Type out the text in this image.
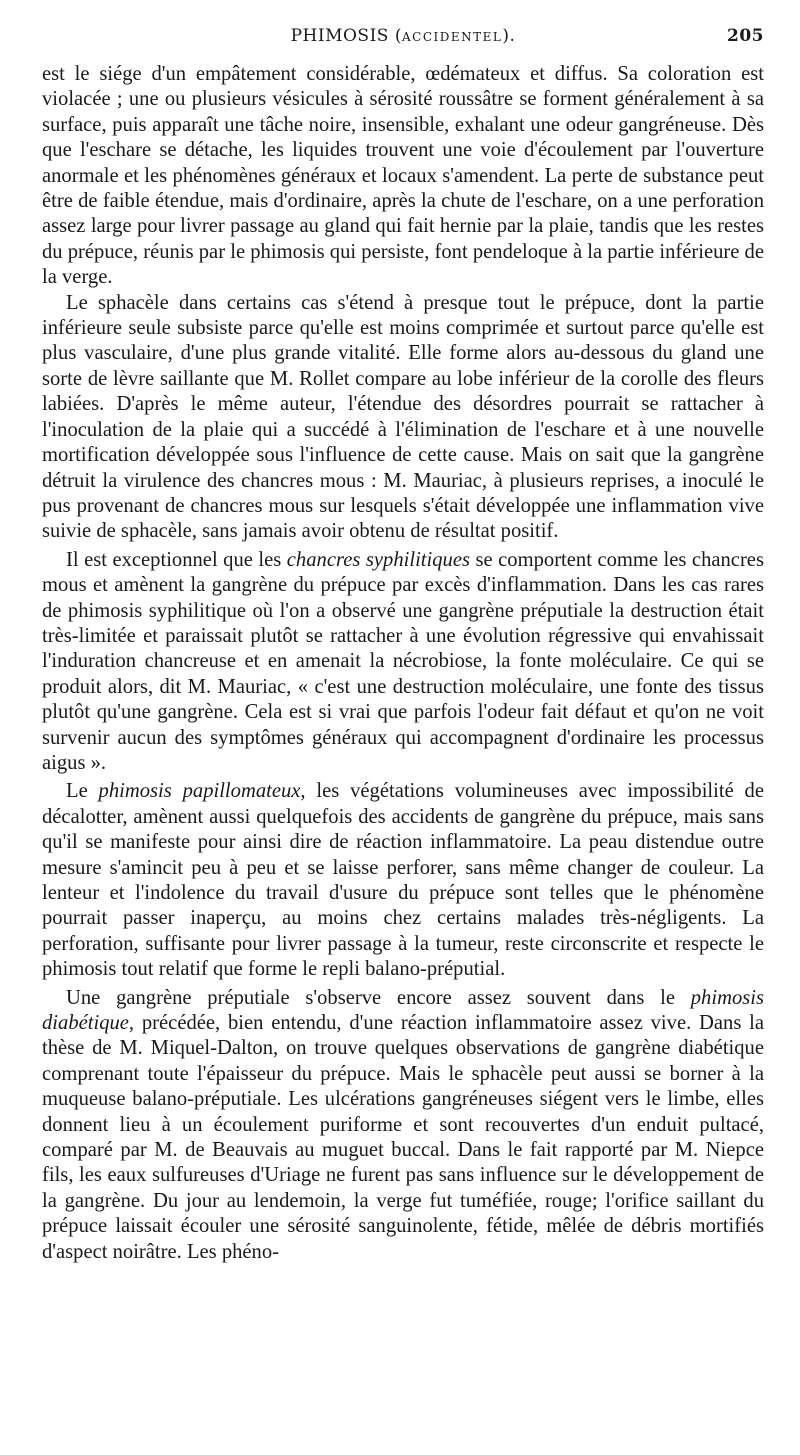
PHIMOSIS (ACCIDENTEL).	205

est le siége d'un empâtement considérable, œdémateux et diffus. Sa coloration est violacée ; une ou plusieurs vésicules à sérosité roussâtre se forment généralement à sa surface, puis apparaît une tâche noire, insensible, exhalant une odeur gangréneuse. Dès que l'eschare se détache, les liquides trouvent une voie d'écoulement par l'ouverture anormale et les phénomènes généraux et locaux s'amendent. La perte de substance peut être de faible étendue, mais d'ordinaire, après la chute de l'eschare, on a une perforation assez large pour livrer passage au gland qui fait hernie par la plaie, tandis que les restes du prépuce, réunis par le phimosis qui persiste, font pendeloque à la partie inférieure de la verge.

Le sphacèle dans certains cas s'étend à presque tout le prépuce, dont la partie inférieure seule subsiste parce qu'elle est moins comprimée et surtout parce qu'elle est plus vasculaire, d'une plus grande vitalité. Elle forme alors au-dessous du gland une sorte de lèvre saillante que M. Rollet compare au lobe inférieur de la corolle des fleurs labiées. D'après le même auteur, l'étendue des désordres pourrait se rattacher à l'inoculation de la plaie qui a succédé à l'élimination de l'eschare et à une nouvelle mortification développée sous l'influence de cette cause. Mais on sait que la gangrène détruit la virulence des chancres mous : M. Mauriac, à plusieurs reprises, a inoculé le pus provenant de chancres mous sur lesquels s'était développée une inflammation vive suivie de sphacèle, sans jamais avoir obtenu de résultat positif.

Il est exceptionnel que les chancres syphilitiques se comportent comme les chancres mous et amènent la gangrène du prépuce par excès d'inflammation. Dans les cas rares de phimosis syphilitique où l'on a observé une gangrène préputiale la destruction était très-limitée et paraissait plutôt se rattacher à une évolution régressive qui envahissait l'induration chancreuse et en amenait la nécrobiose, la fonte moléculaire. Ce qui se produit alors, dit M. Mauriac, « c'est une destruction moléculaire, une fonte des tissus plutôt qu'une gangrène. Cela est si vrai que parfois l'odeur fait défaut et qu'on ne voit survenir aucun des symptômes généraux qui accompagnent d'ordinaire les processus aigus ».

Le phimosis papillomateux, les végétations volumineuses avec impossibilité de décalotter, amènent aussi quelquefois des accidents de gangrène du prépuce, mais sans qu'il se manifeste pour ainsi dire de réaction inflammatoire. La peau distendue outre mesure s'amincit peu à peu et se laisse perforer, sans même changer de couleur. La lenteur et l'indolence du travail d'usure du prépuce sont telles que le phénomène pourrait passer inaperçu, au moins chez certains malades très-négligents. La perforation, suffisante pour livrer passage à la tumeur, reste circonscrite et respecte le phimosis tout relatif que forme le repli balano-préputial.

Une gangrène préputiale s'observe encore assez souvent dans le phimosis diabétique, précédée, bien entendu, d'une réaction inflammatoire assez vive. Dans la thèse de M. Miquel-Dalton, on trouve quelques observations de gangrène diabétique comprenant toute l'épaisseur du prépuce. Mais le sphacèle peut aussi se borner à la muqueuse balano-préputiale. Les ulcérations gangréneuses siégent vers le limbe, elles donnent lieu à un écoulement puriforme et sont recouvertes d'un enduit pultacé, comparé par M. de Beauvais au muguet buccal. Dans le fait rapporté par M. Niepce fils, les eaux sulfureuses d'Uriage ne furent pas sans influence sur le développement de la gangrène. Du jour au lendemoin, la verge fut tuméfiée, rouge; l'orifice saillant du prépuce laissait écouler une sérosité sanguinolente, fétide, mêlée de débris mortifiés d'aspect noirâtre. Les phéno-
